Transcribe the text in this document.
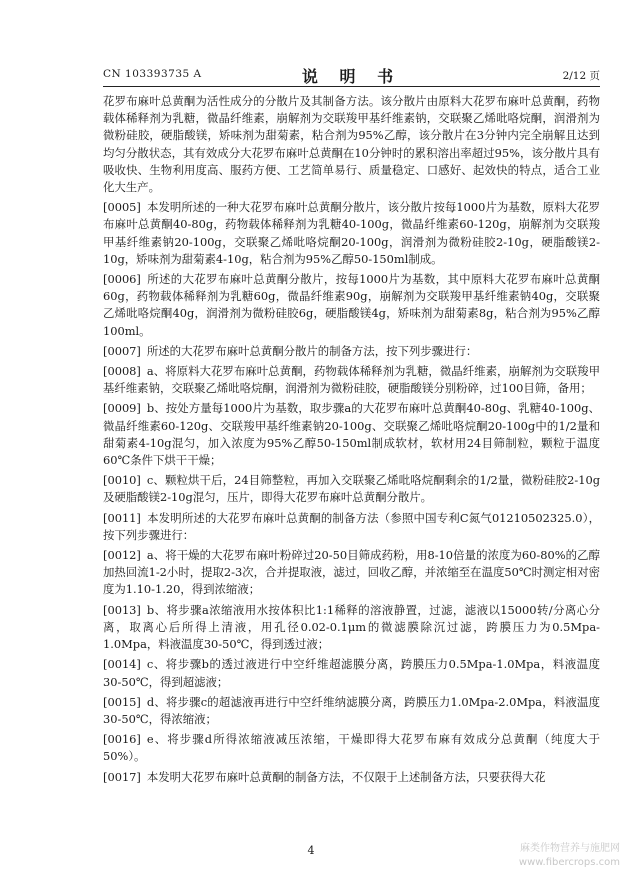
CN 103393735 A	说 明 书	2/12 页

花罗布麻叶总黄酮为活性成分的分散片及其制备方法。该分散片由原料大花罗布麻叶总黄酮，药物载体稀释剂为乳糖，微晶纤维素，崩解剂为交联羧甲基纤维素钠，交联聚乙烯吡咯烷酮，润滑剂为微粉硅胶，硬脂酸镁，矫味剂为甜菊素，粘合剂为95%乙醇，该分散片在3分钟内完全崩解且达到均匀分散状态，其有效成分大花罗布麻叶总黄酮在10分钟时的累积溶出率超过95%，该分散片具有吸收快、生物利用度高、服药方便、工艺简单易行、质量稳定、口感好、起效快的特点，适合工业化大生产。

[0005] 本发明所述的一种大花罗布麻叶总黄酮分散片，该分散片按每1000片为基数，原料大花罗布麻叶总黄酮40-80g，药物载体稀释剂为乳糖40-100g，微晶纤维素60-120g，崩解剂为交联羧甲基纤维素钠20-100g，交联聚乙烯吡咯烷酮20-100g，润滑剂为微粉硅胶2-10g，硬脂酸镁2-10g，矫味剂为甜菊素4-10g，粘合剂为95%乙醇50-150ml制成。

[0006] 所述的大花罗布麻叶总黄酮分散片，按每1000片为基数，其中原料大花罗布麻叶总黄酮60g，药物载体稀释剂为乳糖60g，微晶纤维素90g，崩解剂为交联羧甲基纤维素钠40g，交联聚乙烯吡咯烷酮40g，润滑剂为微粉硅胶6g，硬脂酸镁4g，矫味剂为甜菊素8g，粘合剂为95%乙醇100ml。

[0007] 所述的大花罗布麻叶总黄酮分散片的制备方法，按下列步骤进行：

[0008] a、将原料大花罗布麻叶总黄酮，药物载体稀释剂为乳糖，微晶纤维素，崩解剂为交联羧甲基纤维素钠，交联聚乙烯吡咯烷酮，润滑剂为微粉硅胶，硬脂酸镁分别粉碎，过100目筛，备用；

[0009] b、按处方量每1000片为基数，取步骤a的大花罗布麻叶总黄酮40-80g、乳糖40-100g、微晶纤维素60-120g、交联羧甲基纤维素钠20-100g、交联聚乙烯吡咯烷酮20-100g中的1/2量和甜菊素4-10g混匀，加入浓度为95%乙醇50-150ml制成软材，软材用24目筛制粒，颗粒于温度60℃条件下烘干干燥；

[0010] c、颗粒烘干后，24目筛整粒，再加入交联聚乙烯吡咯烷酮剩余的1/2量，微粉硅胶2-10g及硬脂酸镁2-10g混匀，压片，即得大花罗布麻叶总黄酮分散片。

[0011] 本发明所述的大花罗布麻叶总黄酮的制备方法（参照中国专利C氮气01210502325.0），按下列步骤进行：

[0012] a、将干燥的大花罗布麻叶粉碎过20-50目筛成药粉，用8-10倍量的浓度为60-80%的乙醇加热回流1-2小时，提取2-3次，合并提取液，滤过，回收乙醇，并浓缩至在温度50℃时测定相对密度为1.10-1.20，得到浓缩液；

[0013] b、将步骤a浓缩液用水按体积比1:1稀释的溶液静置，过滤，滤液以15000转/分离心分离，取离心后所得上清液，用孔径0.02-0.1μm的微滤膜除沉过滤，跨膜压力为0.5Mpa-1.0Mpa，料液温度30-50℃，得到透过液；

[0014] c、将步骤b的透过液进行中空纤维超滤膜分离，跨膜压力0.5Mpa-1.0Mpa，料液温度30-50℃，得到超滤液；

[0015] d、将步骤c的超滤液再进行中空纤维纳滤膜分离，跨膜压力1.0Mpa-2.0Mpa，料液温度30-50℃，得浓缩液；

[0016] e、将步骤d所得浓缩液减压浓缩，干燥即得大花罗布麻有效成分总黄酮（纯度大于50%）。

[0017] 本发明大花罗布麻叶总黄酮的制备方法，不仅限于上述制备方法，只要获得大花

4	麻类作物营养与施肥网
www.fibercrops.com
